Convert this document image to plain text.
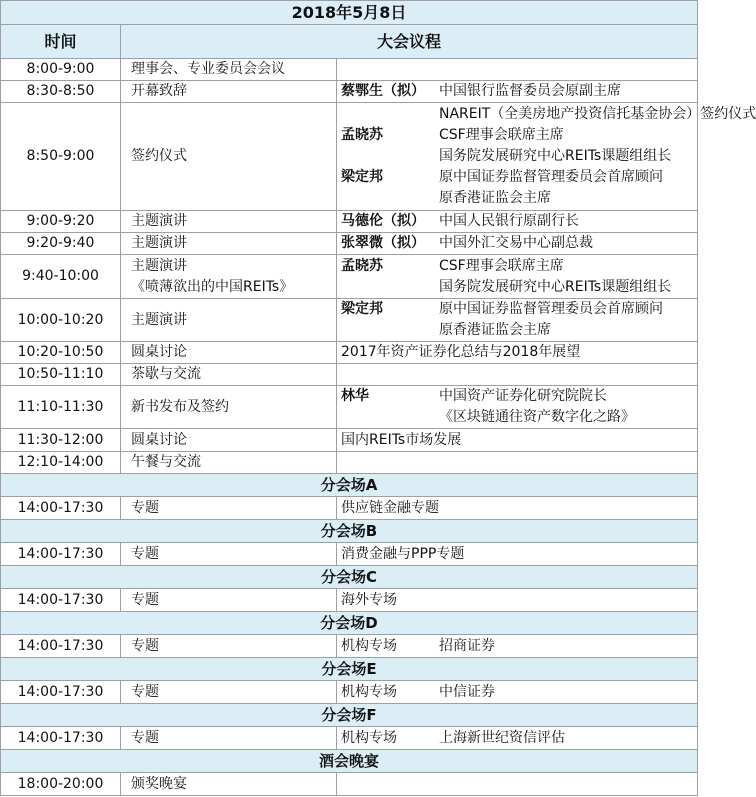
2018年5月8日		
时间	大会议程	
8:00-9:00	理事会、专业委员会会议	

8:30-8:50	开幕致辞	蔡鄂生（拟） 中国银行监督委员会原副主席

8:50-9:00	签约仪式	NAREIT（全美房地产投资信托基金协会）签约仪式
孟晓苏 CSF理事会联席主席
国务院发展研究中心REITs课题组组长
梁定邦 原中国证券监督管理委员会首席顾问
原香港证监会主席

9:00-9:20	主题演讲	马德伦（拟） 中国人民银行原副行长

9:20-9:40	主题演讲	张翠微（拟） 中国外汇交易中心副总裁

9:40-10:00	主题演讲
《喷薄欲出的中国REITs》	孟晓苏 CSF理事会联席主席
国务院发展研究中心REITs课题组组长

10:00-10:20	主题演讲	梁定邦 原中国证券监督管理委员会首席顾问
原香港证监会主席

10:20-10:50	圆桌讨论	2017年资产证券化总结与2018年展望

10:50-11:10	茶歇与交流	

11:10-11:30	新书发布及签约	林华 中国资产证券化研究院院长
《区块链通往资产数字化之路》

11:30-12:00	圆桌讨论	国内REITs市场发展

12:10-14:00	午餐与交流	

分会场A		
14:00-17:30	专题	供应链金融专题

分会场B		
14:00-17:30	专题	消费金融与PPP专题

分会场C		
14:00-17:30	专题	海外专场

分会场D		
14:00-17:30	专题	机构专场 招商证券

分会场E		
14:00-17:30	专题	机构专场 中信证券

分会场F		
14:00-17:30	专题	机构专场 上海新世纪资信评估

酒会晚宴		
18:00-20:00	颁奖晚宴	
